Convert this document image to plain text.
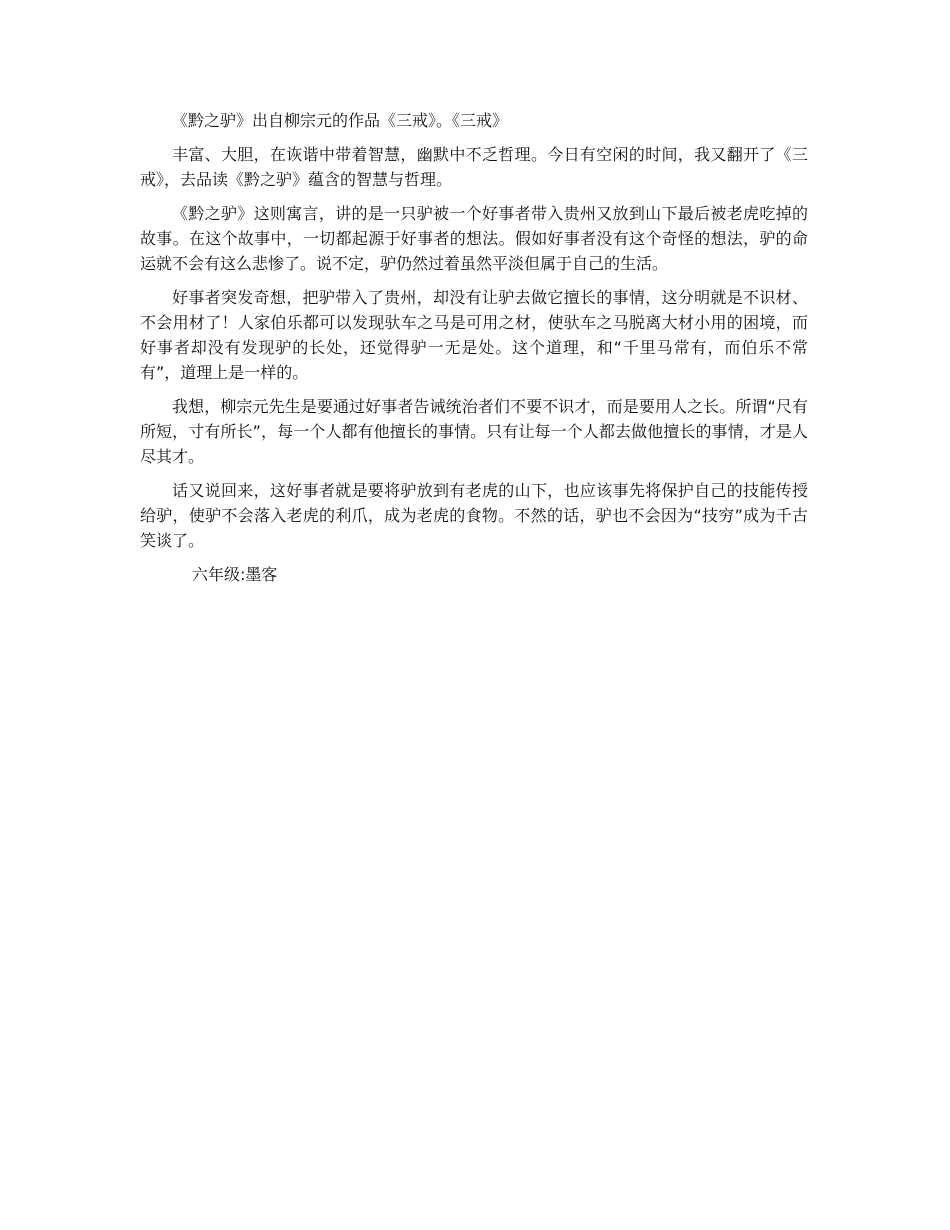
《黔之驴》出自柳宗元的作品《三戒》。《三戒》

丰富、大胆，在诙谐中带着智慧，幽默中不乏哲理。今日有空闲的时间，我又翻开了《三戒》，去品读《黔之驴》蕴含的智慧与哲理。

《黔之驴》这则寓言，讲的是一只驴被一个好事者带入贵州又放到山下最后被老虎吃掉的故事。在这个故事中，一切都起源于好事者的想法。假如好事者没有这个奇怪的想法，驴的命运就不会有这么悲惨了。说不定，驴仍然过着虽然平淡但属于自己的生活。

好事者突发奇想，把驴带入了贵州，却没有让驴去做它擅长的事情，这分明就是不识材、不会用材了！人家伯乐都可以发现驮车之马是可用之材，使驮车之马脱离大材小用的困境，而好事者却没有发现驴的长处，还觉得驴一无是处。这个道理，和“千里马常有，而伯乐不常有”，道理上是一样的。

我想，柳宗元先生是要通过好事者告诫统治者们不要不识才，而是要用人之长。所谓“尺有所短，寸有所长”，每一个人都有他擅长的事情。只有让每一个人都去做他擅长的事情，才是人尽其才。

话又说回来，这好事者就是要将驴放到有老虎的山下，也应该事先将保护自己的技能传授给驴，使驴不会落入老虎的利爪，成为老虎的食物。不然的话，驴也不会因为“技穷”成为千古笑谈了。

六年级:墨客
